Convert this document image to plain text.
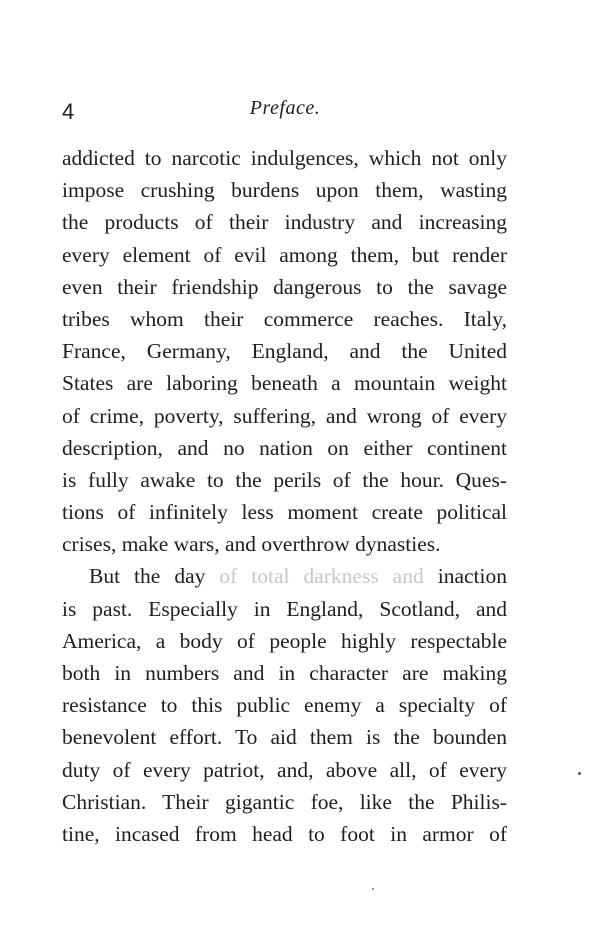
4	Preface.
addicted to narcotic indulgences, which not only
impose crushing burdens upon them, wasting
the products of their industry and increasing
every element of evil among them, but render
even their friendship dangerous to the savage
tribes whom their commerce reaches. Italy,
France, Germany, England, and the United
States are laboring beneath a mountain weight
of crime, poverty, suffering, and wrong of every
description, and no nation on either continent
is fully awake to the perils of the hour. Ques-
tions of infinitely less moment create political
crises, make wars, and overthrow dynasties.
But the day of total darkness and inaction
is past. Especially in England, Scotland, and
America, a body of people highly respectable
both in numbers and in character are making
resistance to this public enemy a specialty of
benevolent effort. To aid them is the bounden
duty of every patriot, and, above all, of every
Christian. Their gigantic foe, like the Philis-
tine, incased from head to foot in armor of
